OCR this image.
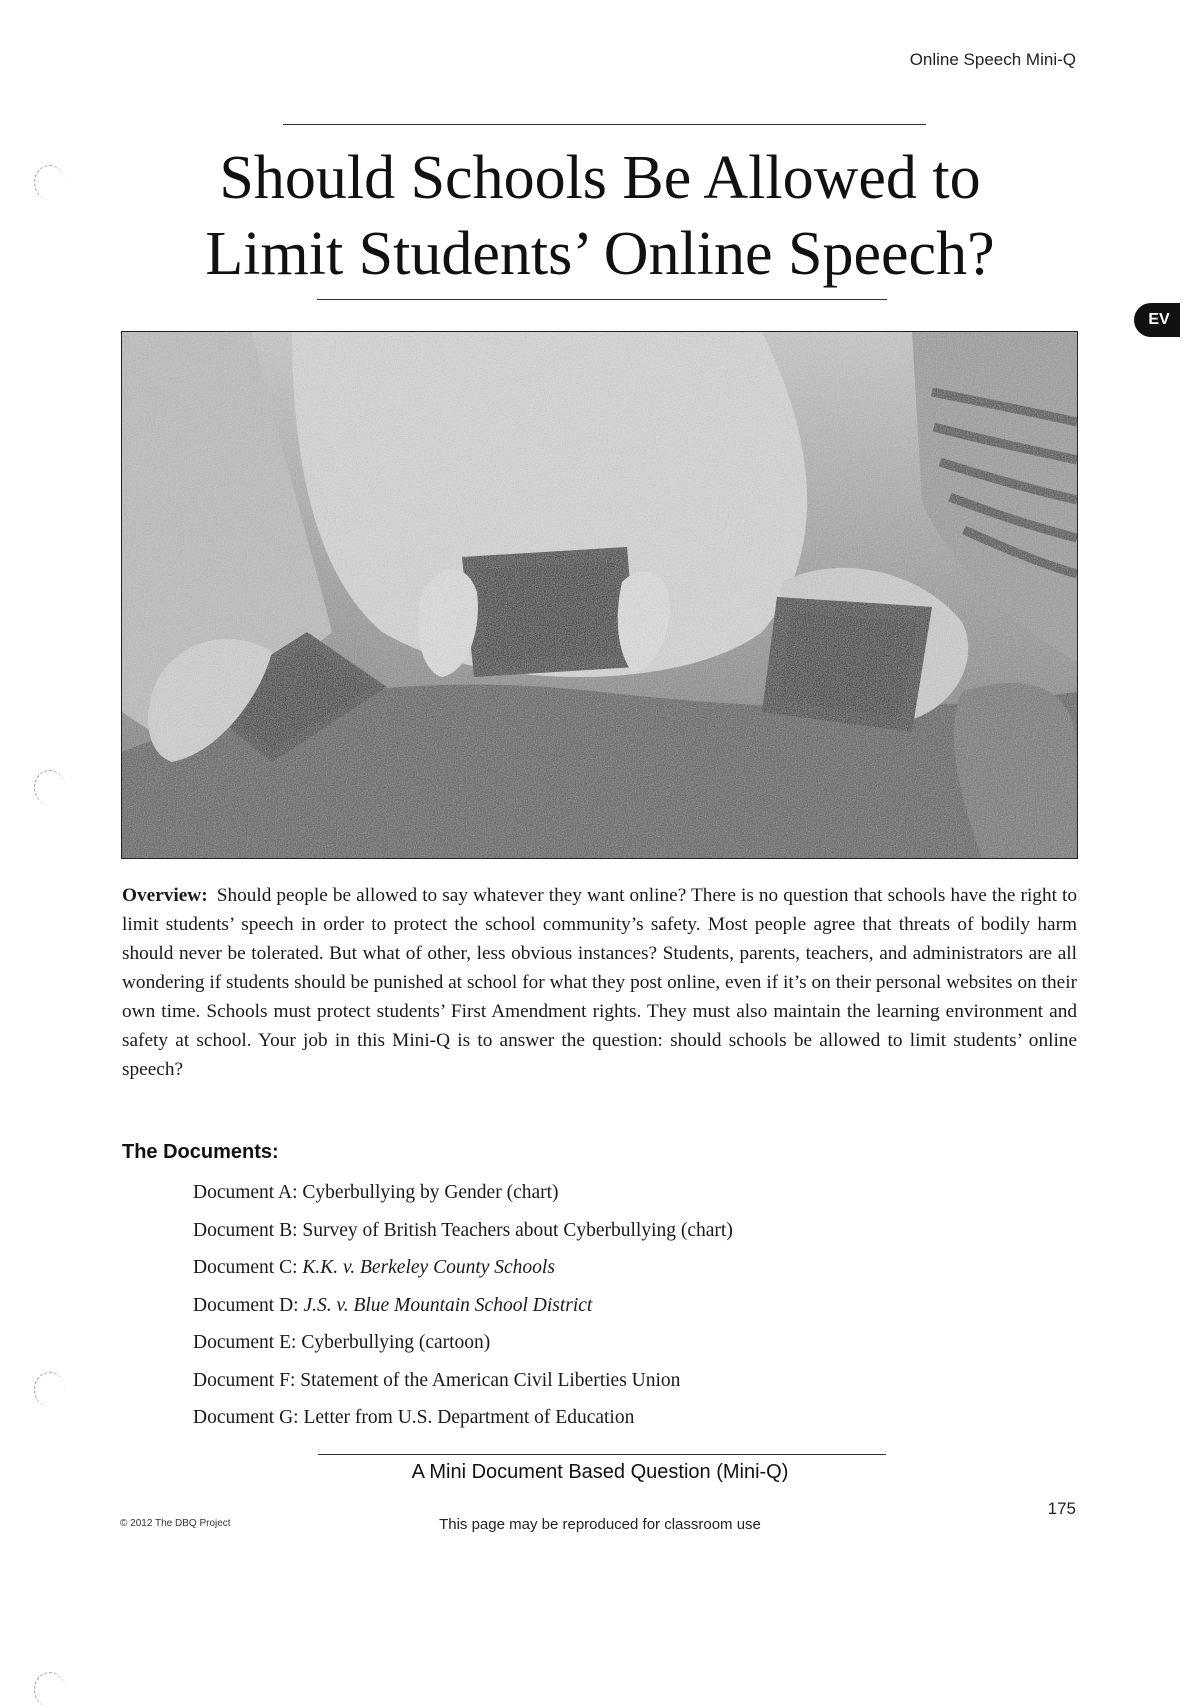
Online Speech Mini-Q
Should Schools Be Allowed to
Limit Students’ Online Speech?
EV

Overview: Should people be allowed to say whatever they want online? There is no question that schools have the right to limit students’ speech in order to protect the school community’s safety. Most people agree that threats of bodily harm should never be tolerated. But what of other, less obvious instances? Students, parents, teachers, and administrators are all wondering if students should be punished at school for what they post online, even if it’s on their personal websites on their own time. Schools must protect students’ First Amendment rights. They must also maintain the learning environment and safety at school. Your job in this Mini-Q is to answer the question: should schools be allowed to limit students’ online speech?

The Documents:
Document A: Cyberbullying by Gender (chart)
Document B: Survey of British Teachers about Cyberbullying (chart)
Document C: K.K. v. Berkeley County Schools
Document D: J.S. v. Blue Mountain School District
Document E: Cyberbullying (cartoon)
Document F: Statement of the American Civil Liberties Union
Document G: Letter from U.S. Department of Education
A Mini Document Based Question (Mini-Q)
175
© 2012 The DBQ Project	This page may be reproduced for classroom use
